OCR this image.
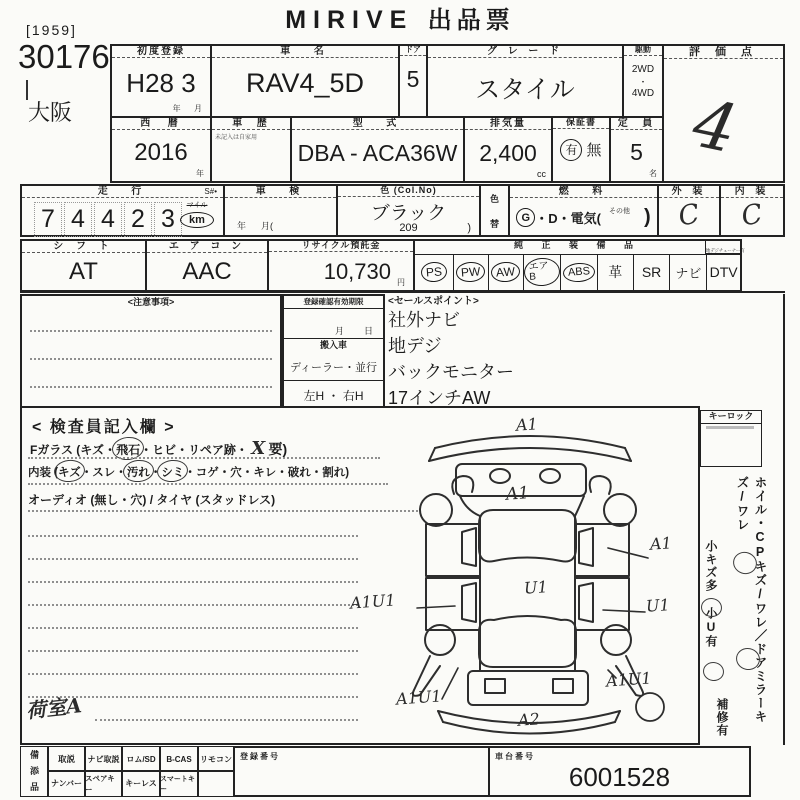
MIRIVE 出品票
[1959]
30176
大阪
初度登録
H28 3
年      月
車  名
RAV4_5D
ドア
5
グ レ ー ド
スタイル
駆動
2WD
・
4WD
評 価 点
4
西  暦
2016
年
車  歴
未記入は自家用
型  式
DBA - ACA36W
排気量
2,400
cc
保証書
有 無
定  員
5
名
走  行	S#•
7 4 4 2 3	マイル
km
車  検
年      月(
色 (Col.No)
ブラック
209	)
色
替
燃  料
G ・D・電気( その他 )
外 装
C
内 装
C
シ フ ト
AT
エ ア コ ン
AAC
リサイクル預託金
10,730 円
純 正 装 備 品
地デジチューナー有
PS	PW	AW	エアB	ABS	革 SR ナビ DTV
<注意事項>	登録確認有効期限
月        日
搬入車
ディーラー・並行
左H ・ 右H
<セールスポイント>
社外ナビ
地デジ
バックモニター
17インチAW
< 検査員記入欄 >
Fガラス (キズ・飛石・ヒビ・リペア跡・ X 要)
内装 (キズ・スレ・汚れ・シミ・コゲ・穴・キレ・破れ・割れ)
オーディオ (無し・穴) / タイヤ (スタッドレス)
荷室A
A1
A1
A1
U1
A1U1	U1
A1U1
A1U1
A2
キーロック
ホイル・CPキズ/ワレ／ドアミラーキズ/ワレ
小キズ多 小U有
補修有
備
添
品
取説 ナビ取説 ロム/SD B-CAS リモコン
ナンバー
スペアキー
キーレス スマートキー
登録番号	車台番号
6001528
